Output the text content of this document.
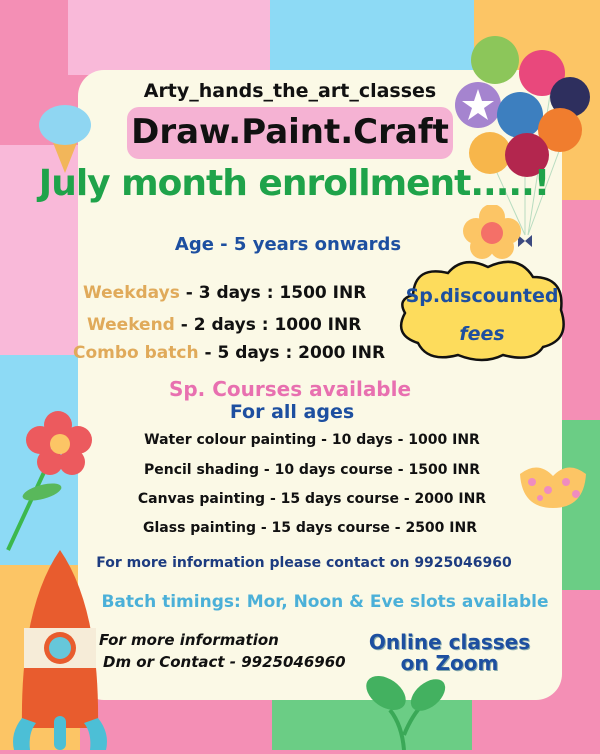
Sp.discounted
fees
Arty_hands_the_art_classes
Draw.Paint.Craft
July month enrollment.....!
Age - 5 years onwards
Weekdays - 3 days : 1500 INR
Weekend - 2 days : 1000 INR
Combo batch - 5 days : 2000 INR
Sp. Courses available
For all ages
Water colour painting - 10 days - 1000 INR
Pencil shading - 10 days course - 1500 INR
Canvas painting - 15 days course - 2000 INR
Glass painting - 15 days course - 2500 INR
For more information please contact on 9925046960
Batch timings: Mor, Noon & Eve slots available
For more information
Dm or Contact - 9925046960
Online classes
on Zoom
